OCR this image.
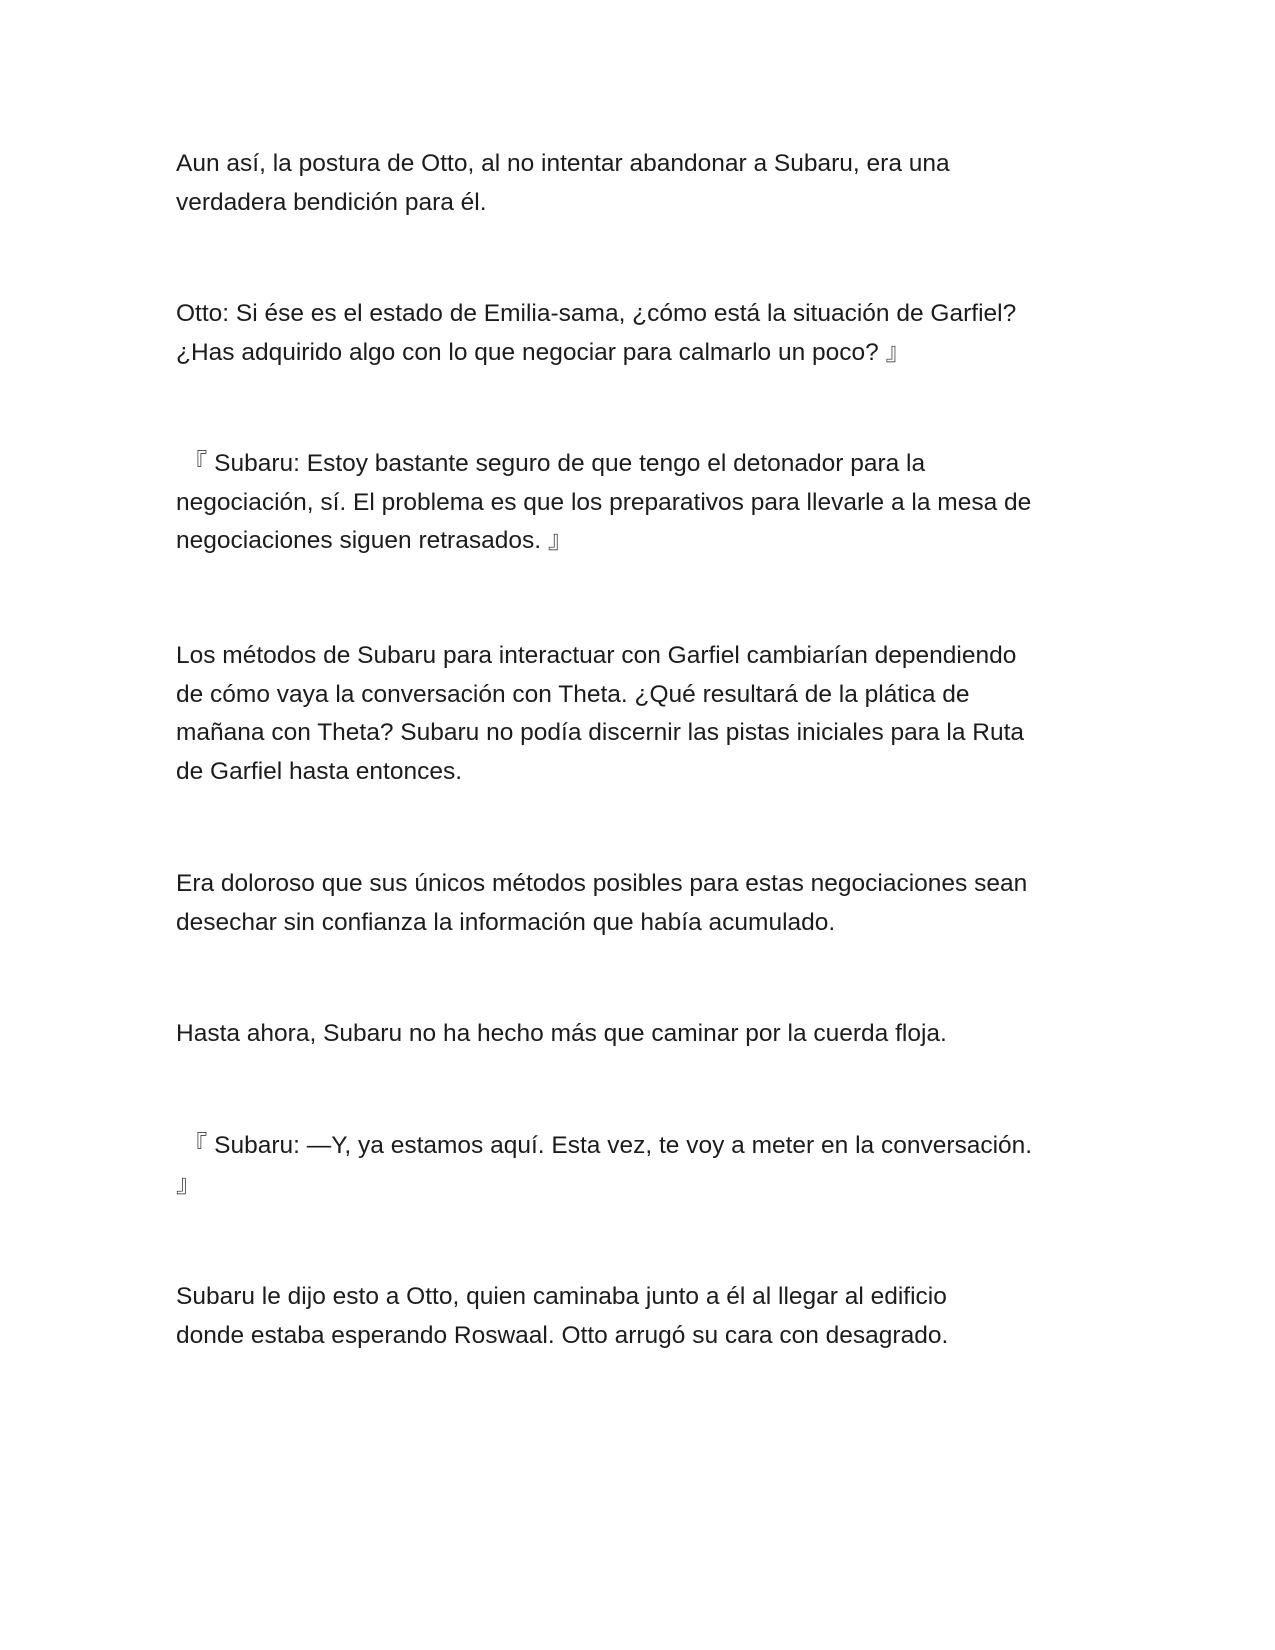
Aun así, la postura de Otto, al no intentar abandonar a Subaru, era una
verdadera bendición para él.

Otto: Si ése es el estado de Emilia-sama, ¿cómo está la situación de Garfiel?
¿Has adquirido algo con lo que negociar para calmarlo un poco? 』

『 Subaru: Estoy bastante seguro de que tengo el detonador para la
negociación, sí. El problema es que los preparativos para llevarle a la mesa de
negociaciones siguen retrasados. 』

Los métodos de Subaru para interactuar con Garfiel cambiarían dependiendo
de cómo vaya la conversación con Theta. ¿Qué resultará de la plática de
mañana con Theta? Subaru no podía discernir las pistas iniciales para la Ruta
de Garfiel hasta entonces.

Era doloroso que sus únicos métodos posibles para estas negociaciones sean
desechar sin confianza la información que había acumulado.

Hasta ahora, Subaru no ha hecho más que caminar por la cuerda floja.

『 Subaru: —Y, ya estamos aquí. Esta vez, te voy a meter en la conversación.
』

Subaru le dijo esto a Otto, quien caminaba junto a él al llegar al edificio
donde estaba esperando Roswaal. Otto arrugó su cara con desagrado.
